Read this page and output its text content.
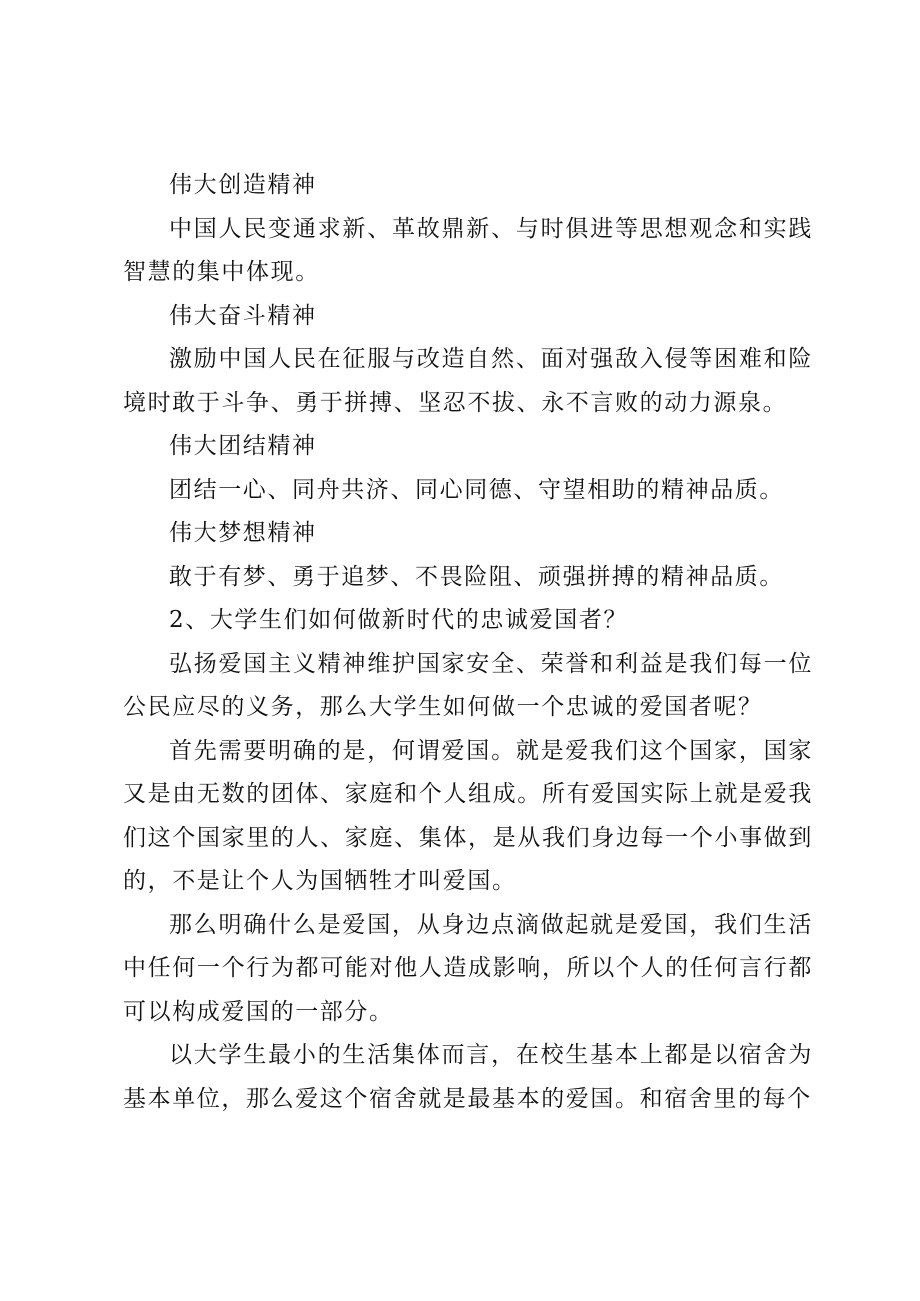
伟大创造精神

中国人民变通求新、革故鼎新、与时俱进等思想观念和实践智慧的集中体现。

伟大奋斗精神

激励中国人民在征服与改造自然、面对强敌入侵等困难和险境时敢于斗争、勇于拼搏、坚忍不拔、永不言败的动力源泉。

伟大团结精神

团结一心、同舟共济、同心同德、守望相助的精神品质。

伟大梦想精神

敢于有梦、勇于追梦、不畏险阻、顽强拼搏的精神品质。

2、大学生们如何做新时代的忠诚爱国者？

弘扬爱国主义精神维护国家安全、荣誉和利益是我们每一位公民应尽的义务，那么大学生如何做一个忠诚的爱国者呢？

首先需要明确的是，何谓爱国。就是爱我们这个国家，国家又是由无数的团体、家庭和个人组成。所有爱国实际上就是爱我们这个国家里的人、家庭、集体，是从我们身边每一个小事做到的，不是让个人为国牺牲才叫爱国。

那么明确什么是爱国，从身边点滴做起就是爱国，我们生活中任何一个行为都可能对他人造成影响，所以个人的任何言行都可以构成爱国的一部分。

以大学生最小的生活集体而言，在校生基本上都是以宿舍为基本单位，那么爱这个宿舍就是最基本的爱国。和宿舍里的每个
